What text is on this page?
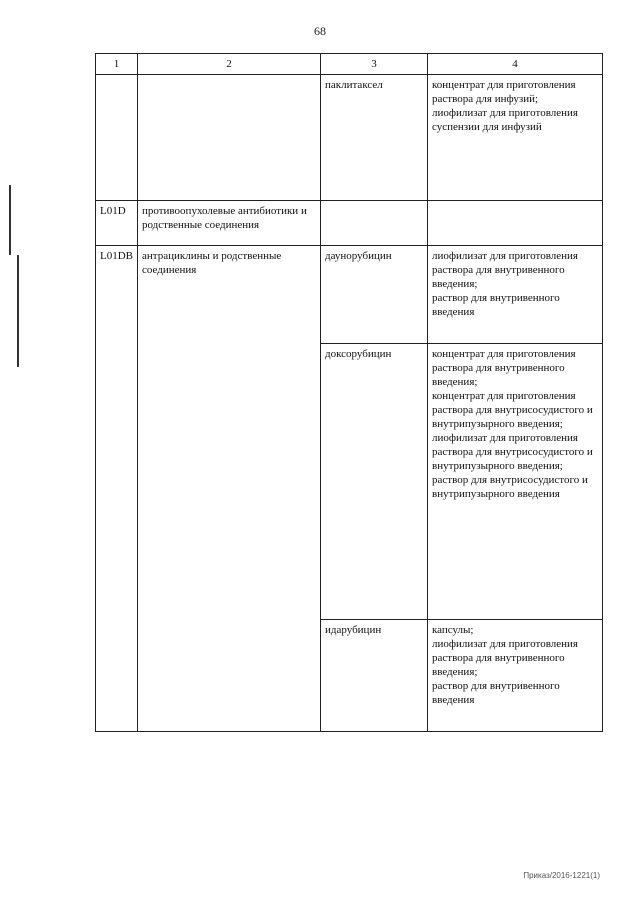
68
1	2	3	4
		паклитаксел	концентрат для приготовления раствора для инфузий;
лиофилизат для приготовления суспензии для инфузий

L01D	противоопухолевые антибиотики и родственные соединения		
L01DB	антрациклины и родственные соединения	даунорубицин	лиофилизат для приготовления раствора для внутривенного введения;
раствор для внутривенного введения

		доксорубицин	концентрат для приготовления раствора для внутривенного введения;
концентрат для приготовления раствора для внутрисосудистого и внутрипузырного введения;
лиофилизат для приготовления раствора для внутрисосудистого и внутрипузырного введения;
раствор для внутрисосудистого и внутрипузырного введения

		идарубицин	капсулы;
лиофилизат для приготовления раствора для внутривенного введения;
раствор для внутривенного введения
Приказ/2016-1221(1)
